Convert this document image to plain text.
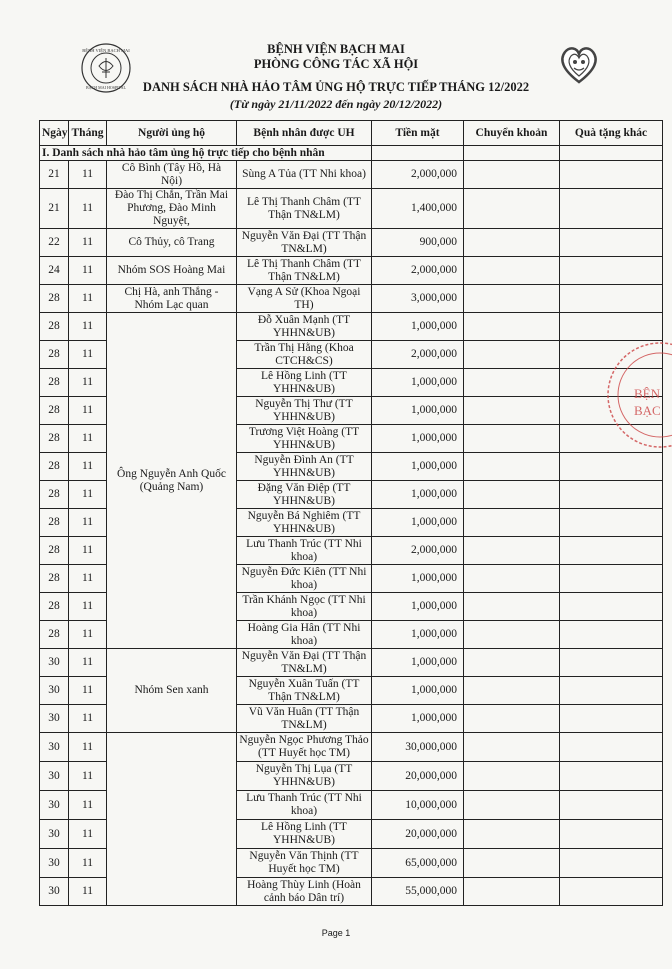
BỆNH VIỆN BẠCH MAI
BẠCH MAI HOSPITAL
BỆNH VIỆN BẠCH MAI
PHÒNG CÔNG TÁC XÃ HỘI
DANH SÁCH NHÀ HẢO TÂM ỦNG HỘ TRỰC TIẾP THÁNG 12/2022
(Từ ngày 21/11/2022 đến ngày 20/12/2022)
Ngày	Tháng	Người ủng hộ	Bệnh nhân được UH	Tiền mặt	Chuyển khoản	Quà tặng khác
I. Danh sách nhà hảo tâm ủng hộ trực tiếp cho bệnh nhân						
21	11	Cô Bình (Tây Hồ, Hà Nội)	Sùng A Tủa (TT Nhi khoa)	2,000,000		
21	11	Đào Thị Chắn, Trần Mai Phương, Đào Minh Nguyệt,	Lê Thị Thanh Châm (TT Thận TN&LM)	1,400,000		
22	11	Cô Thủy, cô Trang	Nguyễn Văn Đại (TT Thận TN&LM)	900,000		
24	11	Nhóm SOS Hoàng Mai	Lê Thị Thanh Châm (TT Thận TN&LM)	2,000,000		
28	11	Chị Hà, anh Thắng - Nhóm Lạc quan	Vạng A Sử (Khoa Ngoại TH)	3,000,000		
28	11	Ông Nguyễn Anh Quốc (Quảng Nam)	Đỗ Xuân Mạnh (TT YHHN&UB)	1,000,000		
28	11		Trần Thị Hằng (Khoa CTCH&CS)	2,000,000		
28	11		Lê Hồng Linh (TT YHHN&UB)	1,000,000		
28	11		Nguyễn Thị Thư (TT YHHN&UB)	1,000,000		
28	11		Trương Việt Hoàng (TT YHHN&UB)	1,000,000		
28	11		Nguyễn Đình An (TT YHHN&UB)	1,000,000		
28	11		Đặng Văn Điệp (TT YHHN&UB)	1,000,000		
28	11		Nguyễn Bá Nghiêm (TT YHHN&UB)	1,000,000		
28	11		Lưu Thanh Trúc (TT Nhi khoa)	2,000,000		
28	11		Nguyễn Đức Kiên (TT Nhi khoa)	1,000,000		
28	11		Trần Khánh Ngọc (TT Nhi khoa)	1,000,000		
28	11		Hoàng Gia Hân (TT Nhi khoa)	1,000,000		
30	11	Nhóm Sen xanh	Nguyễn Văn Đại (TT Thận TN&LM)	1,000,000		
30	11		Nguyễn Xuân Tuấn (TT Thận TN&LM)	1,000,000		
30	11		Vũ Văn Huân (TT Thận TN&LM)	1,000,000		
30	11		Nguyễn Ngọc Phương Thảo (TT Huyết học TM)	30,000,000		
30	11		Nguyễn Thị Lụa (TT YHHN&UB)	20,000,000		
30	11		Lưu Thanh Trúc (TT Nhi khoa)	10,000,000		
30	11		Lê Hồng Linh (TT YHHN&UB)	20,000,000		
30	11		Nguyễn Văn Thịnh (TT Huyết học TM)	65,000,000		
30	11		Hoàng Thùy Linh (Hoàn cảnh báo Dân trí)	55,000,000		
BỆN
BẠC
Page 1
